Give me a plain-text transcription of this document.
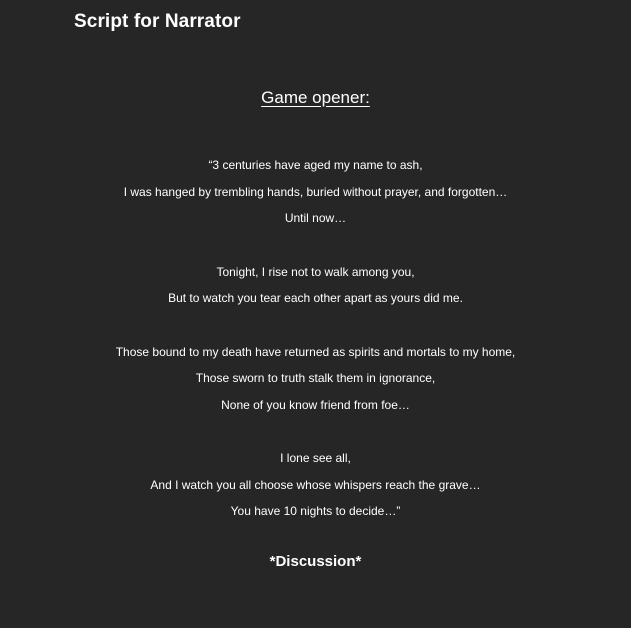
Script for Narrator
Game opener:
“3 centuries have aged my name to ash,
I was hanged by trembling hands, buried without prayer, and forgotten…
Until now…
Tonight, I rise not to walk among you,
But to watch you tear each other apart as yours did me.
Those bound to my death have returned as spirits and mortals to my home,
Those sworn to truth stalk them in ignorance,
None of you know friend from foe…
I lone see all,
And I watch you all choose whose whispers reach the grave…
You have 10 nights to decide…”
*Discussion*
